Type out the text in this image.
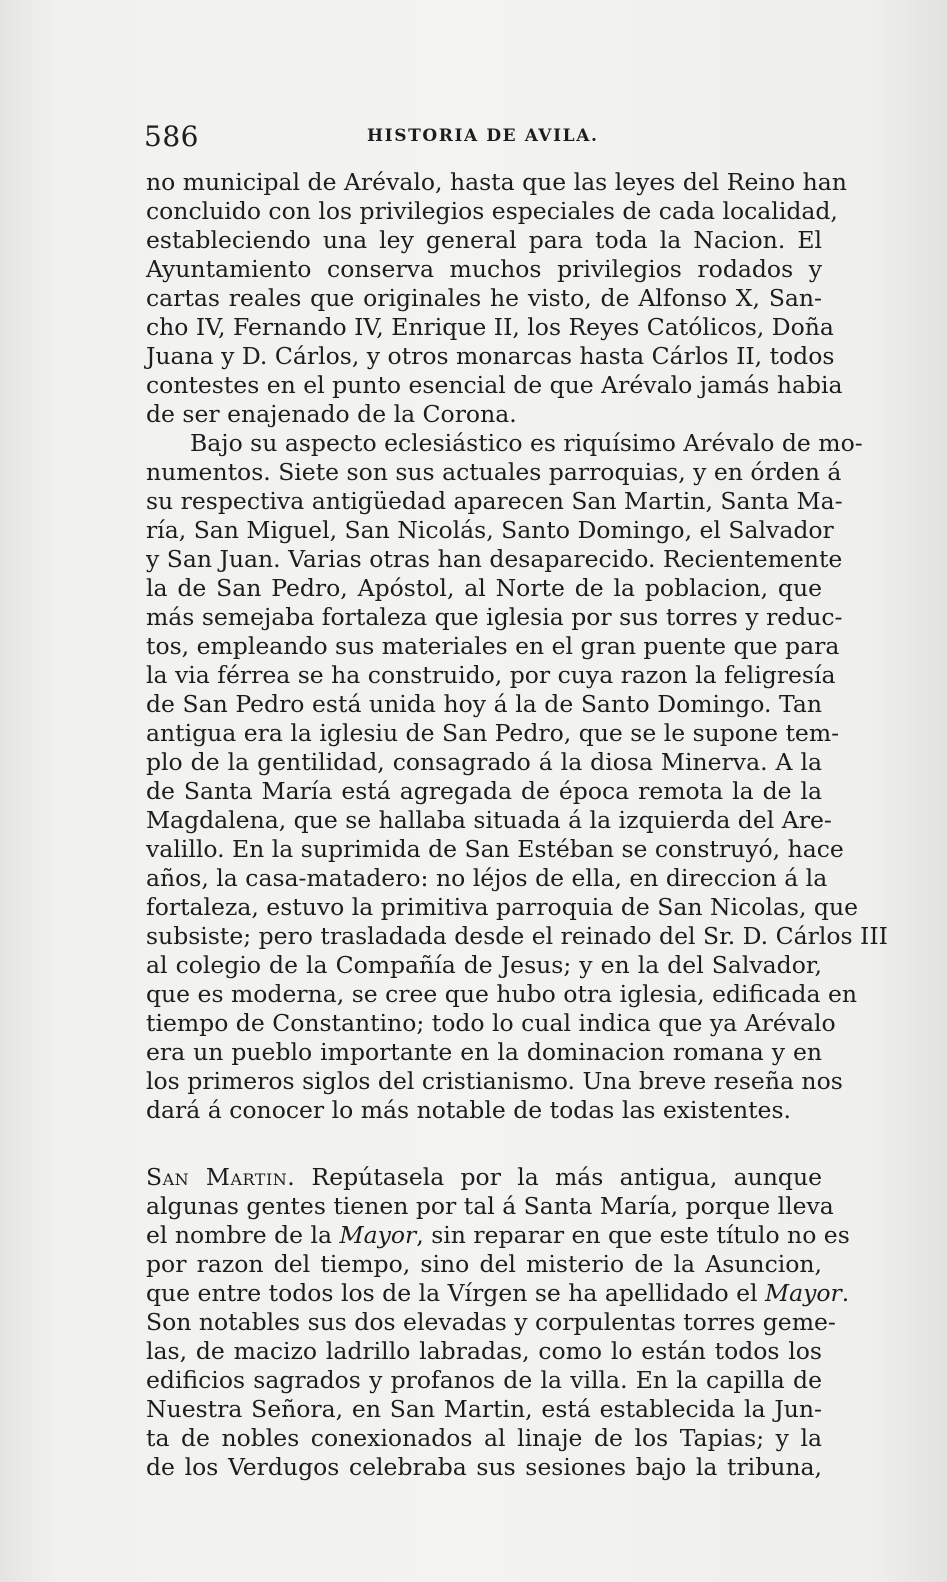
586	HISTORIA DE AVILA.
no municipal de Arévalo, hasta que las leyes del Reino han
concluido con los privilegios especiales de cada localidad,
estableciendo una ley general para toda la Nacion. El
Ayuntamiento conserva muchos privilegios rodados y
cartas reales que originales he visto, de Alfonso X, San-
cho IV, Fernando IV, Enrique II, los Reyes Católicos, Doña
Juana y D. Cárlos, y otros monarcas hasta Cárlos II, todos
contestes en el punto esencial de que Arévalo jamás habia
de ser enajenado de la Corona.
Bajo su aspecto eclesiástico es riquísimo Arévalo de mo-
numentos. Siete son sus actuales parroquias, y en órden á
su respectiva antigüedad aparecen San Martin, Santa Ma-
ría, San Miguel, San Nicolás, Santo Domingo, el Salvador
y San Juan. Varias otras han desaparecido. Recientemente
la de San Pedro, Apóstol, al Norte de la poblacion, que
más semejaba fortaleza que iglesia por sus torres y reduc-
tos, empleando sus materiales en el gran puente que para
la via férrea se ha construido, por cuya razon la feligresía
de San Pedro está unida hoy á la de Santo Domingo. Tan
antigua era la iglesiu de San Pedro, que se le supone tem-
plo de la gentilidad, consagrado á la diosa Minerva. A la
de Santa María está agregada de época remota la de la
Magdalena, que se hallaba situada á la izquierda del Are-
valillo. En la suprimida de San Estéban se construyó, hace
años, la casa-matadero: no léjos de ella, en direccion á la
fortaleza, estuvo la primitiva parroquia de San Nicolas, que
subsiste; pero trasladada desde el reinado del Sr. D. Cárlos III
al colegio de la Compañía de Jesus; y en la del Salvador,
que es moderna, se cree que hubo otra iglesia, edificada en
tiempo de Constantino; todo lo cual indica que ya Arévalo
era un pueblo importante en la dominacion romana y en
los primeros siglos del cristianismo. Una breve reseña nos
dará á conocer lo más notable de todas las existentes.
San Martin. Repútasela por la más antigua, aunque
algunas gentes tienen por tal á Santa María, porque lleva
el nombre de la Mayor, sin reparar en que este título no es
por razon del tiempo, sino del misterio de la Asuncion,
que entre todos los de la Vírgen se ha apellidado el Mayor.
Son notables sus dos elevadas y corpulentas torres geme-
las, de macizo ladrillo labradas, como lo están todos los
edificios sagrados y profanos de la villa. En la capilla de
Nuestra Señora, en San Martin, está establecida la Jun-
ta de nobles conexionados al linaje de los Tapias; y la
de los Verdugos celebraba sus sesiones bajo la tribuna,
